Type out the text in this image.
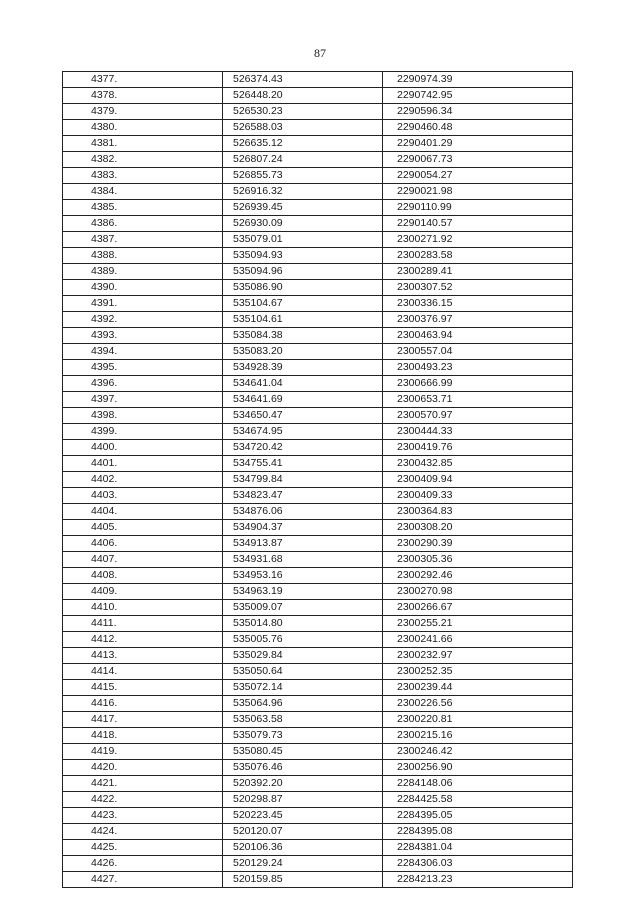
87
4377.	526374.43	2290974.39
4378.	526448.20	2290742.95
4379.	526530.23	2290596.34
4380.	526588.03	2290460.48
4381.	526635.12	2290401.29
4382.	526807.24	2290067.73
4383.	526855.73	2290054.27
4384.	526916.32	2290021.98
4385.	526939.45	2290110.99
4386.	526930.09	2290140.57
4387.	535079.01	2300271.92
4388.	535094.93	2300283.58
4389.	535094.96	2300289.41
4390.	535086.90	2300307.52
4391.	535104.67	2300336.15
4392.	535104.61	2300376.97
4393.	535084.38	2300463.94
4394.	535083.20	2300557.04
4395.	534928.39	2300493.23
4396.	534641.04	2300666.99
4397.	534641.69	2300653.71
4398.	534650.47	2300570.97
4399.	534674.95	2300444.33
4400.	534720.42	2300419.76
4401.	534755.41	2300432.85
4402.	534799.84	2300409.94
4403.	534823.47	2300409.33
4404.	534876.06	2300364.83
4405.	534904.37	2300308.20
4406.	534913.87	2300290.39
4407.	534931.68	2300305.36
4408.	534953.16	2300292.46
4409.	534963.19	2300270.98
4410.	535009.07	2300266.67
4411.	535014.80	2300255.21
4412.	535005.76	2300241.66
4413.	535029.84	2300232.97
4414.	535050.64	2300252.35
4415.	535072.14	2300239.44
4416.	535064.96	2300226.56
4417.	535063.58	2300220.81
4418.	535079.73	2300215.16
4419.	535080.45	2300246.42
4420.	535076.46	2300256.90
4421.	520392.20	2284148.06
4422.	520298.87	2284425.58
4423.	520223.45	2284395.05
4424.	520120.07	2284395.08
4425.	520106.36	2284381.04
4426.	520129.24	2284306.03
4427.	520159.85	2284213.23
